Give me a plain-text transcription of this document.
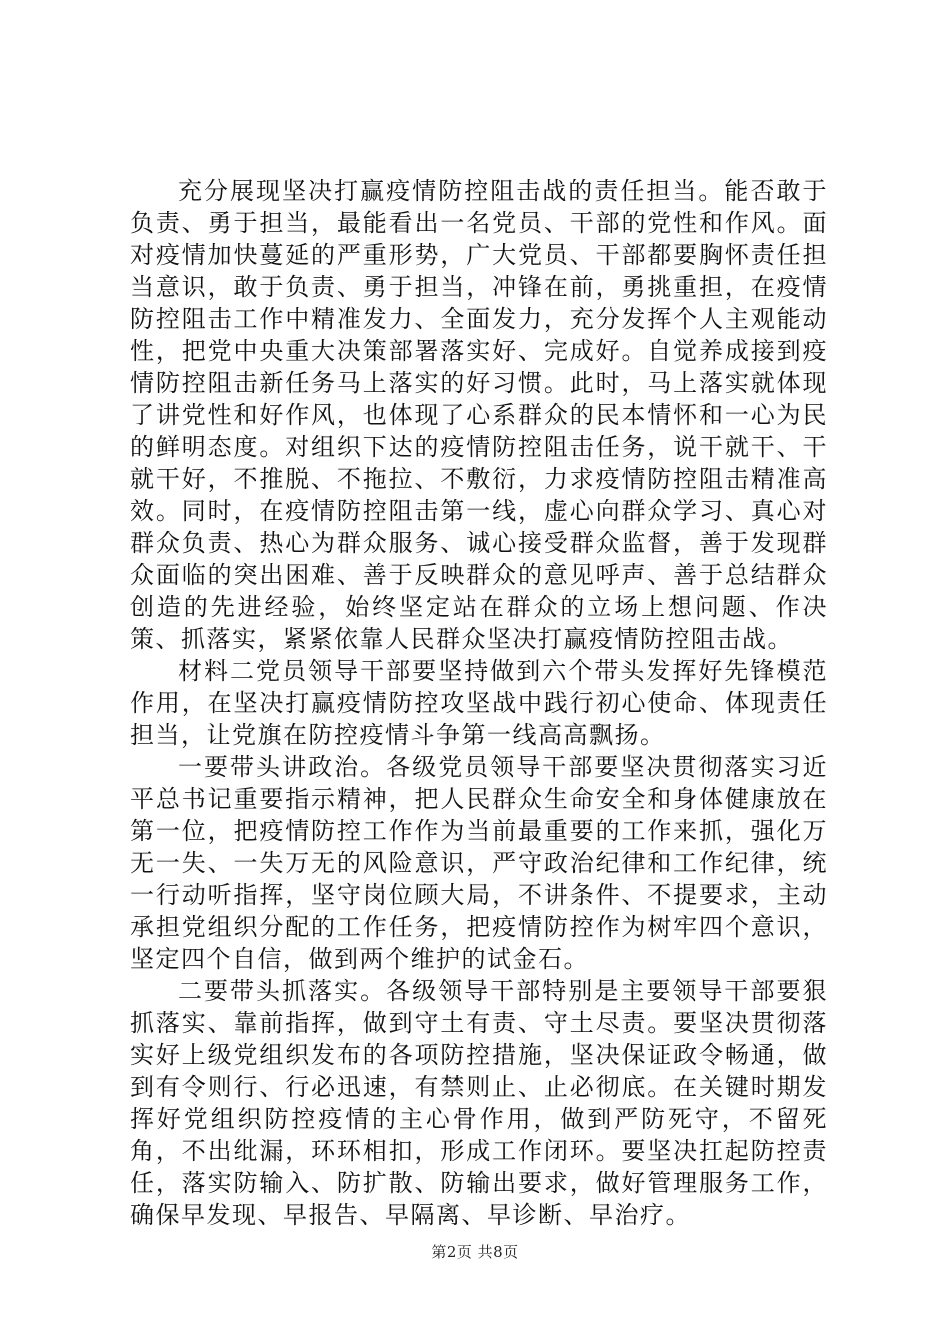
充分展现坚决打赢疫情防控阻击战的责任担当。能否敢于负责、勇于担当，最能看出一名党员、干部的党性和作风。面对疫情加快蔓延的严重形势，广大党员、干部都要胸怀责任担当意识，敢于负责、勇于担当，冲锋在前，勇挑重担，在疫情防控阻击工作中精准发力、全面发力，充分发挥个人主观能动性，把党中央重大决策部署落实好、完成好。自觉养成接到疫情防控阻击新任务马上落实的好习惯。此时，马上落实就体现了讲党性和好作风，也体现了心系群众的民本情怀和一心为民的鲜明态度。对组织下达的疫情防控阻击任务，说干就干、干就干好，不推脱、不拖拉、不敷衍，力求疫情防控阻击精准高效。同时，在疫情防控阻击第一线，虚心向群众学习、真心对群众负责、热心为群众服务、诚心接受群众监督，善于发现群众面临的突出困难、善于反映群众的意见呼声、善于总结群众创造的先进经验，始终坚定站在群众的立场上想问题、作决策、抓落实，紧紧依靠人民群众坚决打赢疫情防控阻击战。

材料二党员领导干部要坚持做到六个带头发挥好先锋模范作用，在坚决打赢疫情防控攻坚战中践行初心使命、体现责任担当，让党旗在防控疫情斗争第一线高高飘扬。

一要带头讲政治。各级党员领导干部要坚决贯彻落实习近平总书记重要指示精神，把人民群众生命安全和身体健康放在第一位，把疫情防控工作作为当前最重要的工作来抓，强化万无一失、一失万无的风险意识，严守政治纪律和工作纪律，统一行动听指挥，坚守岗位顾大局，不讲条件、不提要求，主动承担党组织分配的工作任务，把疫情防控作为树牢四个意识，坚定四个自信，做到两个维护的试金石。

二要带头抓落实。各级领导干部特别是主要领导干部要狠抓落实、靠前指挥，做到守土有责、守土尽责。要坚决贯彻落实好上级党组织发布的各项防控措施，坚决保证政令畅通，做到有令则行、行必迅速，有禁则止、止必彻底。在关键时期发挥好党组织防控疫情的主心骨作用，做到严防死守，不留死角，不出纰漏，环环相扣，形成工作闭环。要坚决扛起防控责任，落实防输入、防扩散、防输出要求，做好管理服务工作，确保早发现、早报告、早隔离、早诊断、早治疗。

第2页 共8页
